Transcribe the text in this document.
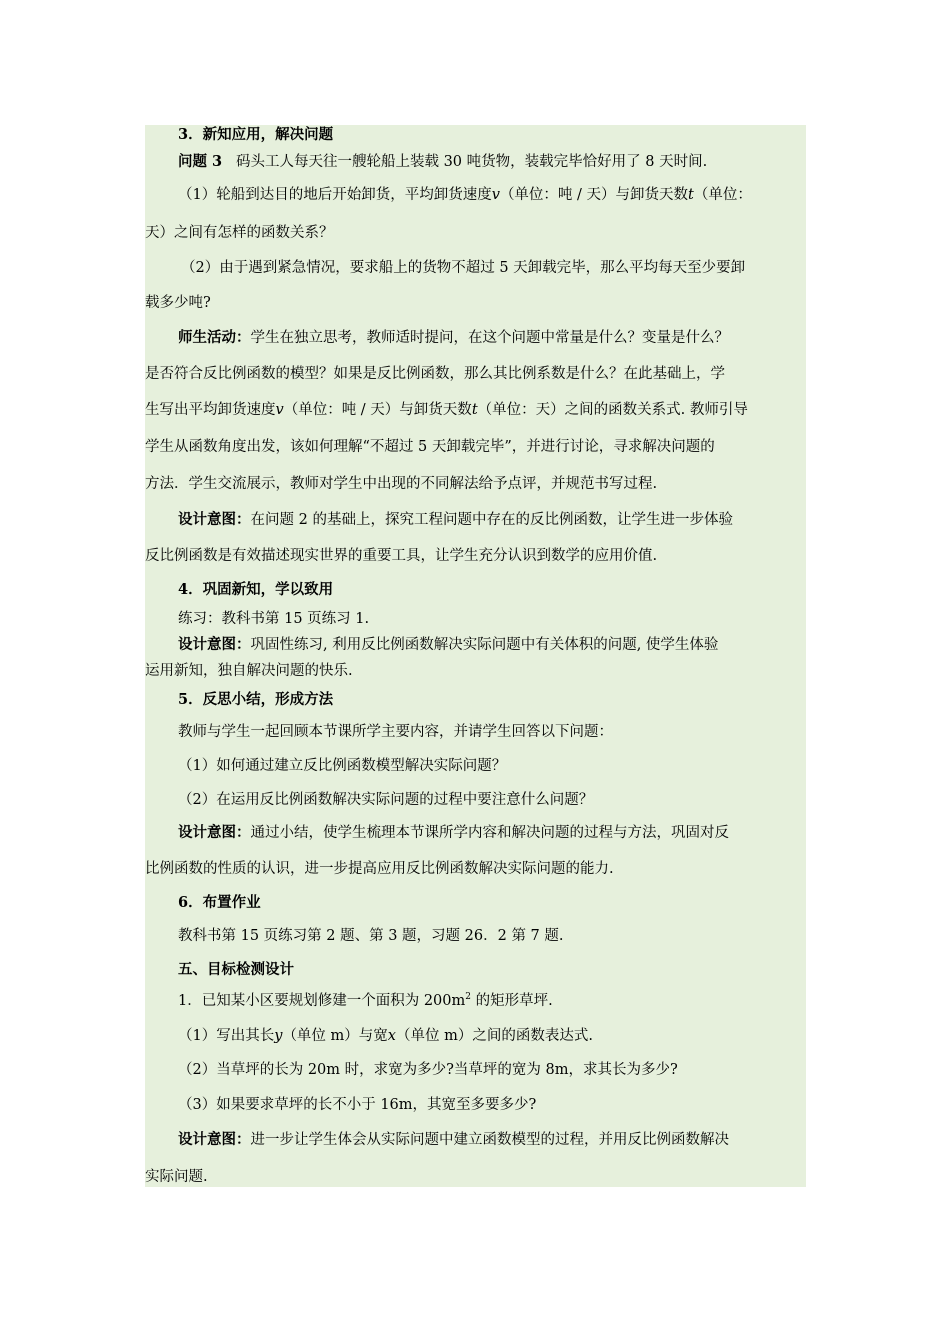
3．新知应用，解决问题
问题 3 码头工人每天往一艘轮船上装载 30 吨货物，装载完毕恰好用了 8 天时间.
（1）轮船到达目的地后开始卸货，平均卸货速度v（单位：吨 / 天）与卸货天数t（单位：
天）之间有怎样的函数关系？
（2）由于遇到紧急情况，要求船上的货物不超过 5 天卸载完毕，那么平均每天至少要卸
载多少吨?
师生活动：学生在独立思考，教师适时提问，在这个问题中常量是什么？变量是什么？
是否符合反比例函数的模型？如果是反比例函数，那么其比例系数是什么？在此基础上，学
生写出平均卸货速度v（单位：吨 / 天）与卸货天数t（单位：天）之间的函数关系式. 教师引导
学生从函数角度出发，该如何理解“不超过 5 天卸载完毕”，并进行讨论，寻求解决问题的
方法．学生交流展示，教师对学生中出现的不同解法给予点评，并规范书写过程.
设计意图：在问题 2 的基础上，探究工程问题中存在的反比例函数，让学生进一步体验
反比例函数是有效描述现实世界的重要工具，让学生充分认识到数学的应用价值.
4．巩固新知，学以致用
练习：教科书第 15 页练习 1.
设计意图：巩固性练习, 利用反比例函数解决实际问题中有关体积的问题, 使学生体验
运用新知，独自解决问题的快乐.
5．反思小结，形成方法
教师与学生一起回顾本节课所学主要内容，并请学生回答以下问题：
（1）如何通过建立反比例函数模型解决实际问题？
（2）在运用反比例函数解决实际问题的过程中要注意什么问题？
设计意图：通过小结，使学生梳理本节课所学内容和解决问题的过程与方法，巩固对反
比例函数的性质的认识，进一步提高应用反比例函数解决实际问题的能力.
6．布置作业
教科书第 15 页练习第 2 题、第 3 题，习题 26．2 第 7 题.
五、目标检测设计
1．已知某小区要规划修建一个面积为 $200m^2$ 的矩形草坪.
（1）写出其长y（单位 m）与宽x（单位 m）之间的函数表达式.
（2）当草坪的长为 20m 时，求宽为多少?当草坪的宽为 8m，求其长为多少?
（3）如果要求草坪的长不小于 16m，其宽至多要多少?
设计意图：进一步让学生体会从实际问题中建立函数模型的过程，并用反比例函数解决
实际问题.
